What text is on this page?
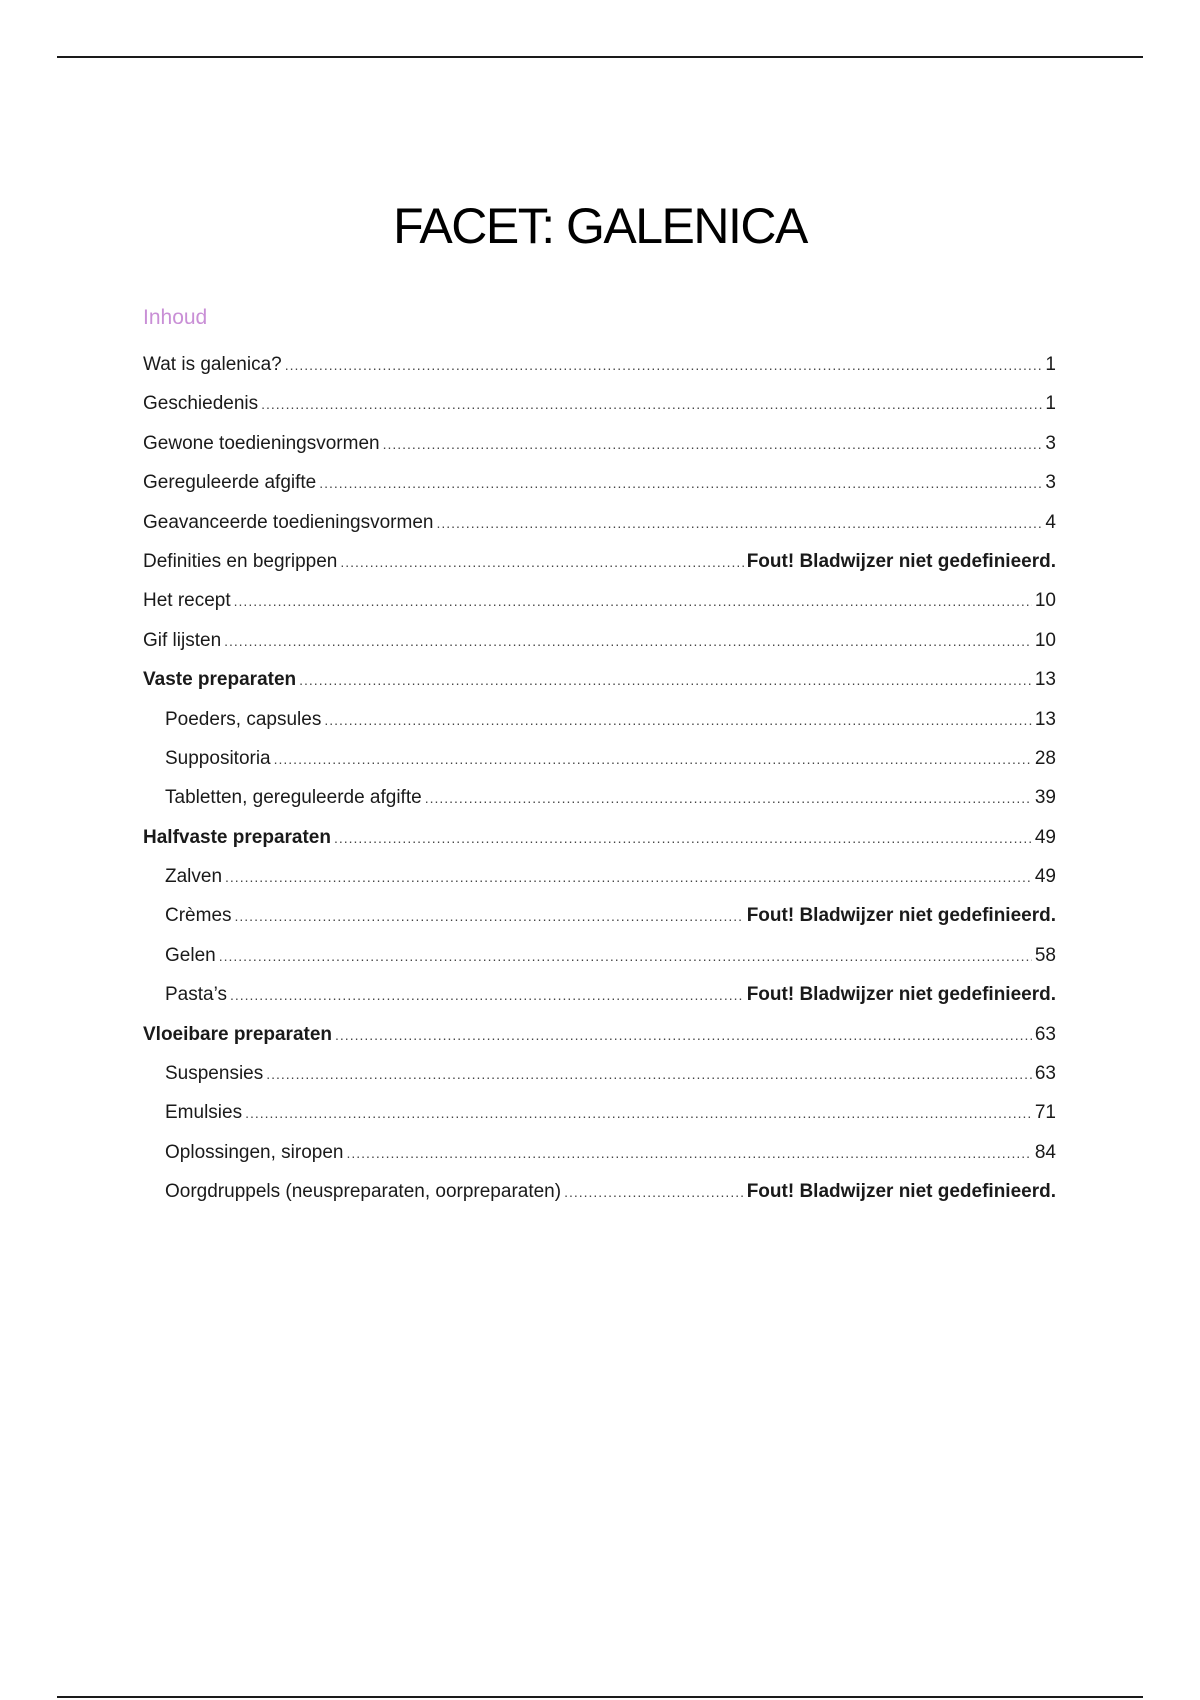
FACET: GALENICA
Inhoud
Wat is galenica? .....	1
Geschiedenis .....	1
Gewone toedieningsvormen .....	3
Gereguleerde afgifte .....	3
Geavanceerde toedieningsvormen .....	4
Definities en begrippen .....	Fout! Bladwijzer niet gedefinieerd.
Het recept .....	10
Gif lijsten .....	10
Vaste preparaten .....	13
Poeders, capsules .....	13
Suppositoria .....	28
Tabletten, gereguleerde afgifte .....	39
Halfvaste preparaten .....	49
Zalven .....	49
Crèmes .....	Fout! Bladwijzer niet gedefinieerd.
Gelen .....	58
Pasta’s .....	Fout! Bladwijzer niet gedefinieerd.
Vloeibare preparaten .....	63
Suspensies .....	63
Emulsies .....	71
Oplossingen, siropen .....	84
Oorgdruppels (neuspreparaten, oorpreparaten) .....	Fout! Bladwijzer niet gedefinieerd.
